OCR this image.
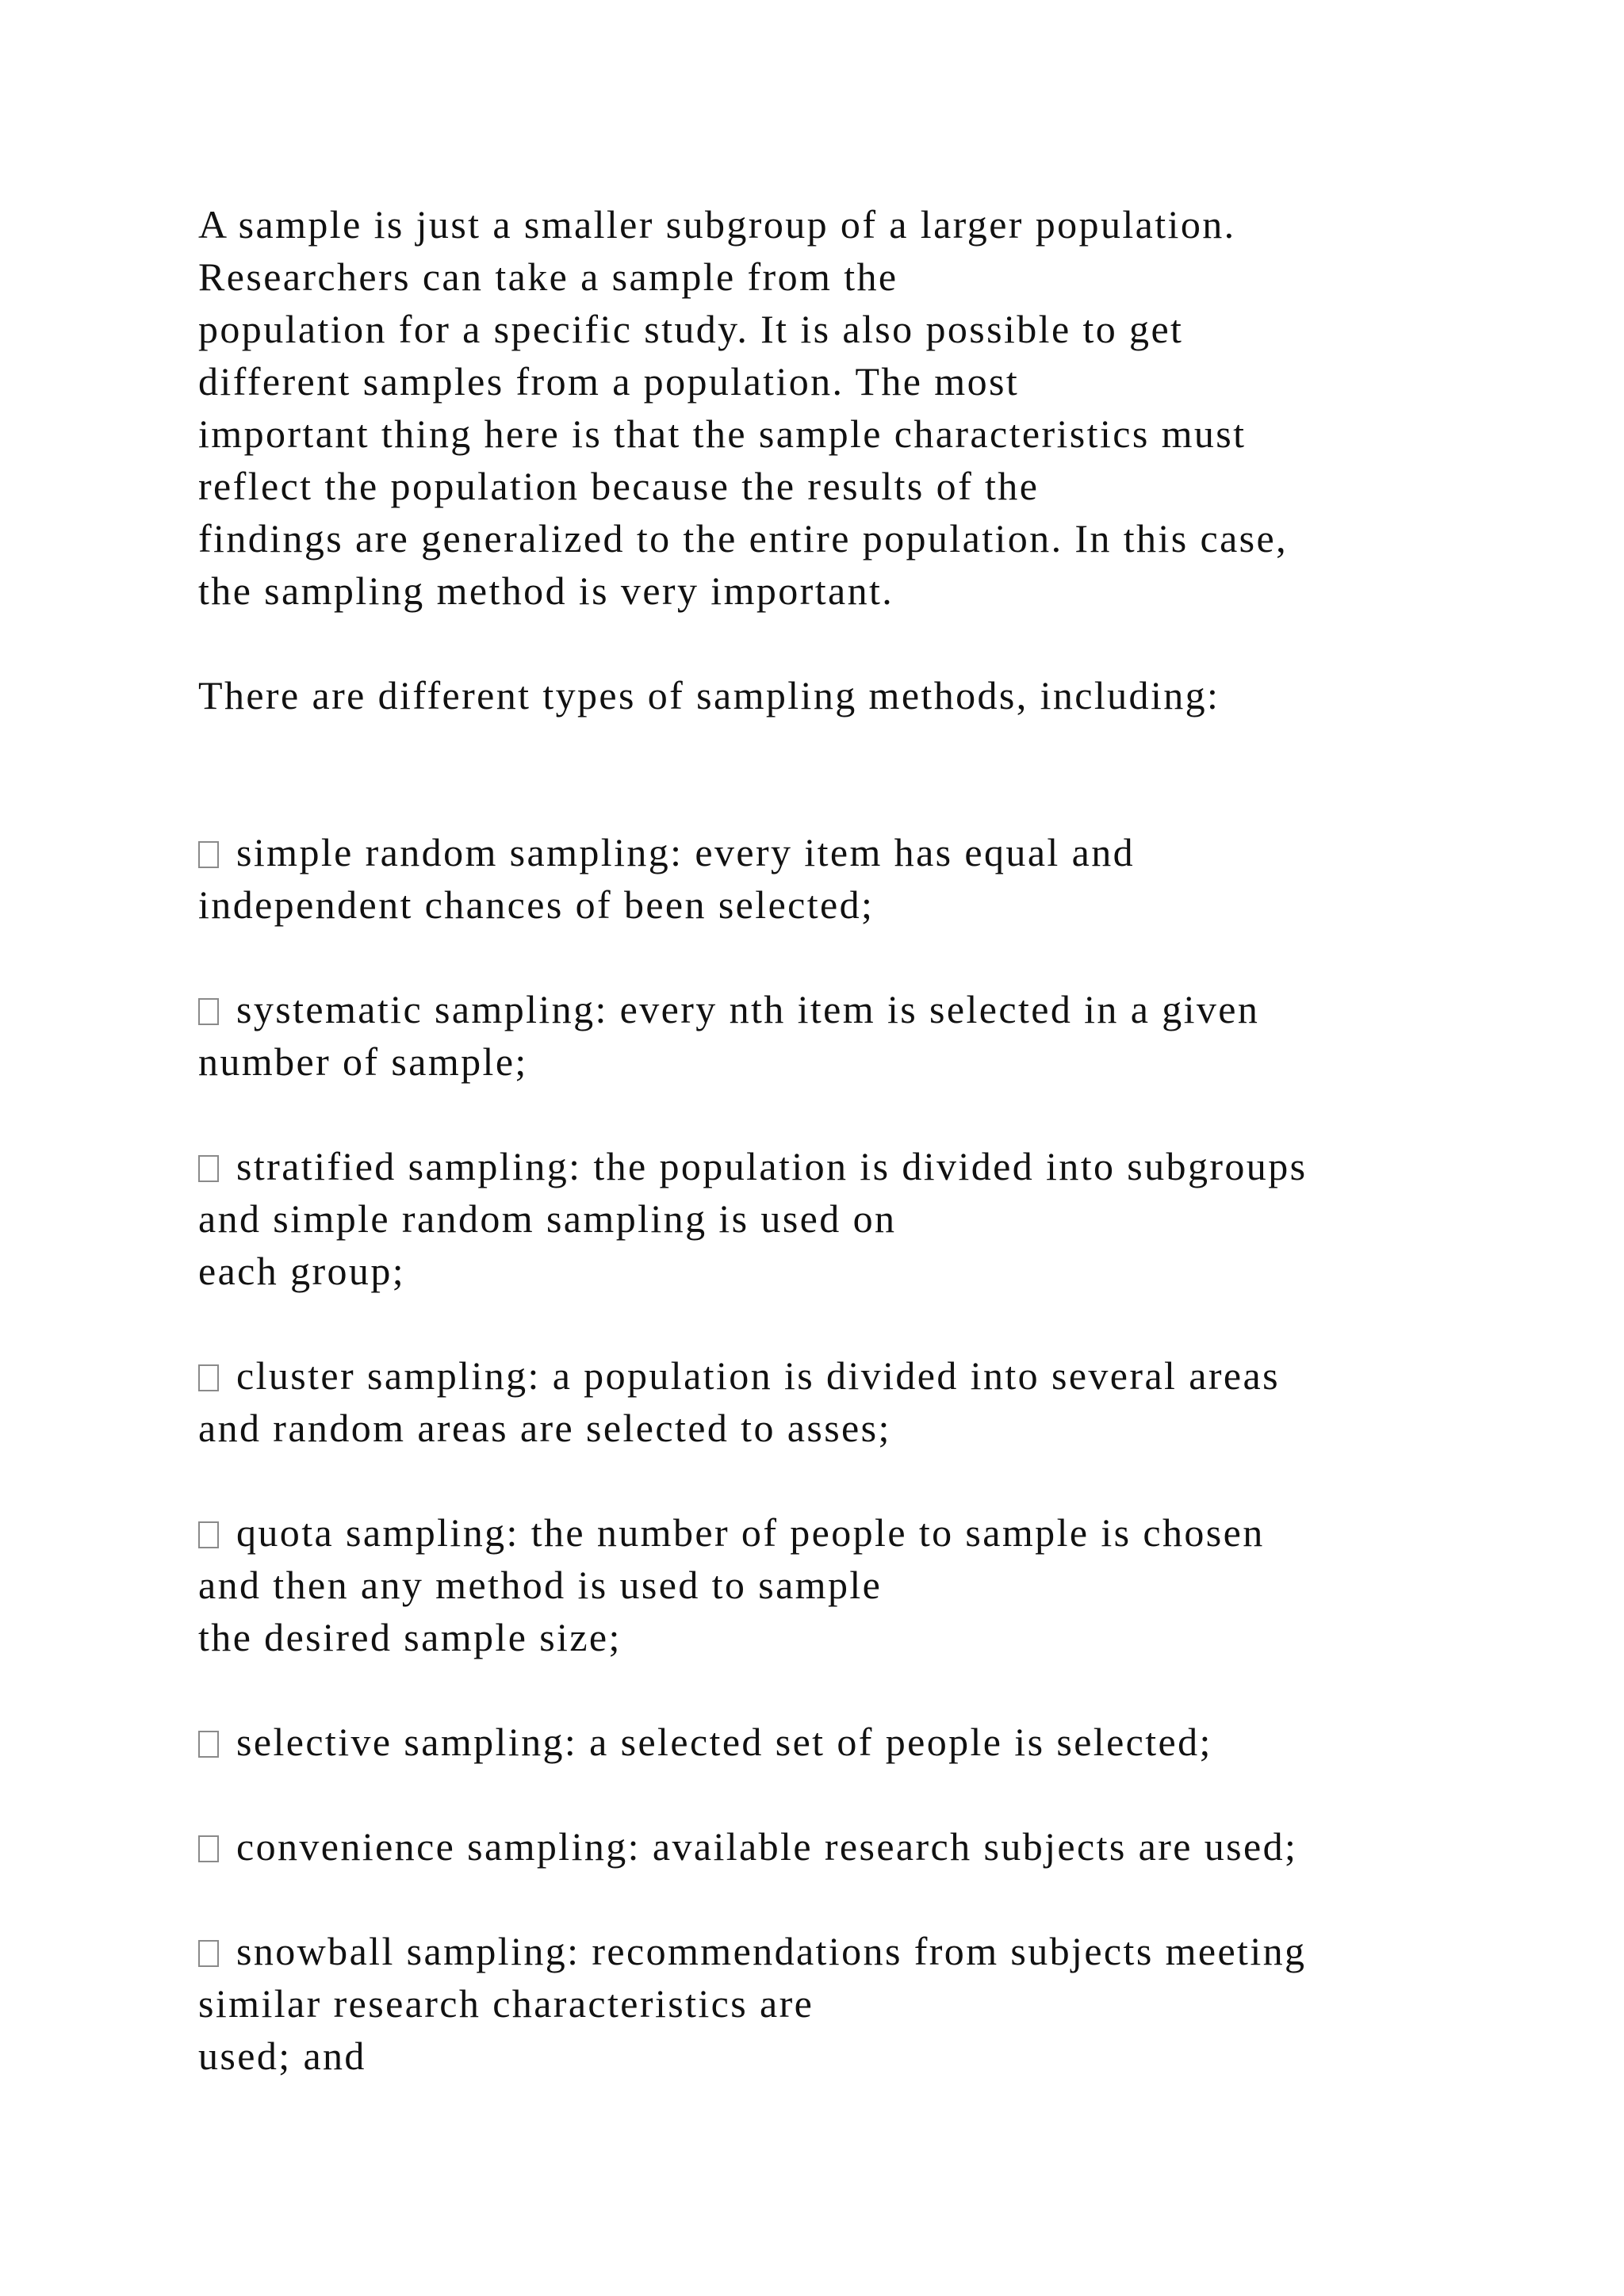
A sample is just a smaller subgroup of a larger population.
Researchers can take a sample from the
population for a specific study. It is also possible to get
different samples from a population. The most
important thing here is that the sample characteristics must
reflect the population because the results of the
findings are generalized to the entire population. In this case,
the sampling method is very important.
There are different types of sampling methods, including:
simple random sampling: every item has equal and
independent chances of been selected;
systematic sampling: every nth item is selected in a given
number of sample;
stratified sampling: the population is divided into subgroups
and simple random sampling is used on
each group;
cluster sampling: a population is divided into several areas
and random areas are selected to asses;
quota sampling: the number of people to sample is chosen
and then any method is used to sample
the desired sample size;
selective sampling: a selected set of people is selected;
convenience sampling: available research subjects are used;
snowball sampling: recommendations from subjects meeting
similar research characteristics are
used; and
